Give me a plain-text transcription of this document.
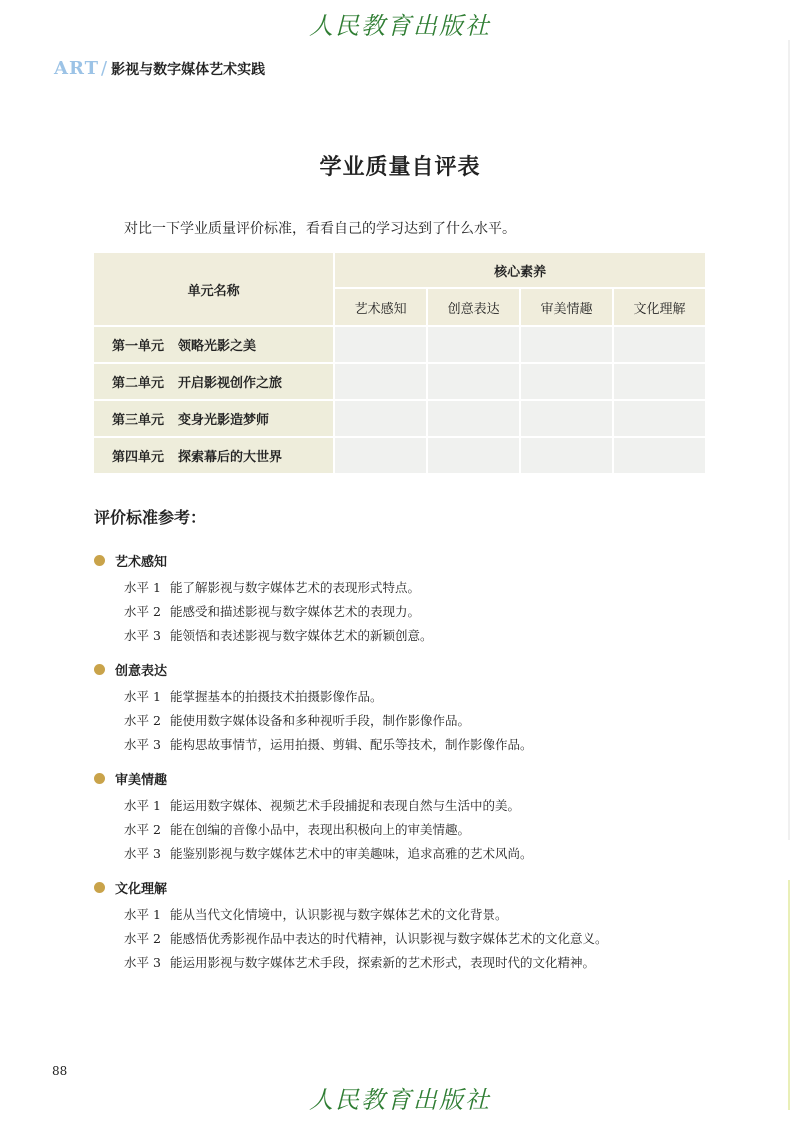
人民教育出版社
ART / 影视与数字媒体艺术实践
学业质量自评表

对比一下学业质量评价标准，看看自己的学习达到了什么水平。

单元名称	核心素养			
	艺术感知	创意表达	审美情趣	文化理解
第一单元 领略光影之美				
第二单元 开启影视创作之旅				
第三单元 变身光影造梦师				
第四单元 探索幕后的大世界				
评价标准参考：
艺术感知
水平 1 能了解影视与数字媒体艺术的表现形式特点。
水平 2 能感受和描述影视与数字媒体艺术的表现力。
水平 3 能领悟和表述影视与数字媒体艺术的新颖创意。
创意表达
水平 1 能掌握基本的拍摄技术拍摄影像作品。
水平 2 能使用数字媒体设备和多种视听手段，制作影像作品。
水平 3 能构思故事情节，运用拍摄、剪辑、配乐等技术，制作影像作品。
审美情趣
水平 1 能运用数字媒体、视频艺术手段捕捉和表现自然与生活中的美。
水平 2 能在创编的音像小品中，表现出积极向上的审美情趣。
水平 3 能鉴别影视与数字媒体艺术中的审美趣味，追求高雅的艺术风尚。
文化理解
水平 1 能从当代文化情境中，认识影视与数字媒体艺术的文化背景。
水平 2 能感悟优秀影视作品中表达的时代精神，认识影视与数字媒体艺术的文化意义。
水平 3 能运用影视与数字媒体艺术手段，探索新的艺术形式，表现时代的文化精神。
88
人民教育出版社
